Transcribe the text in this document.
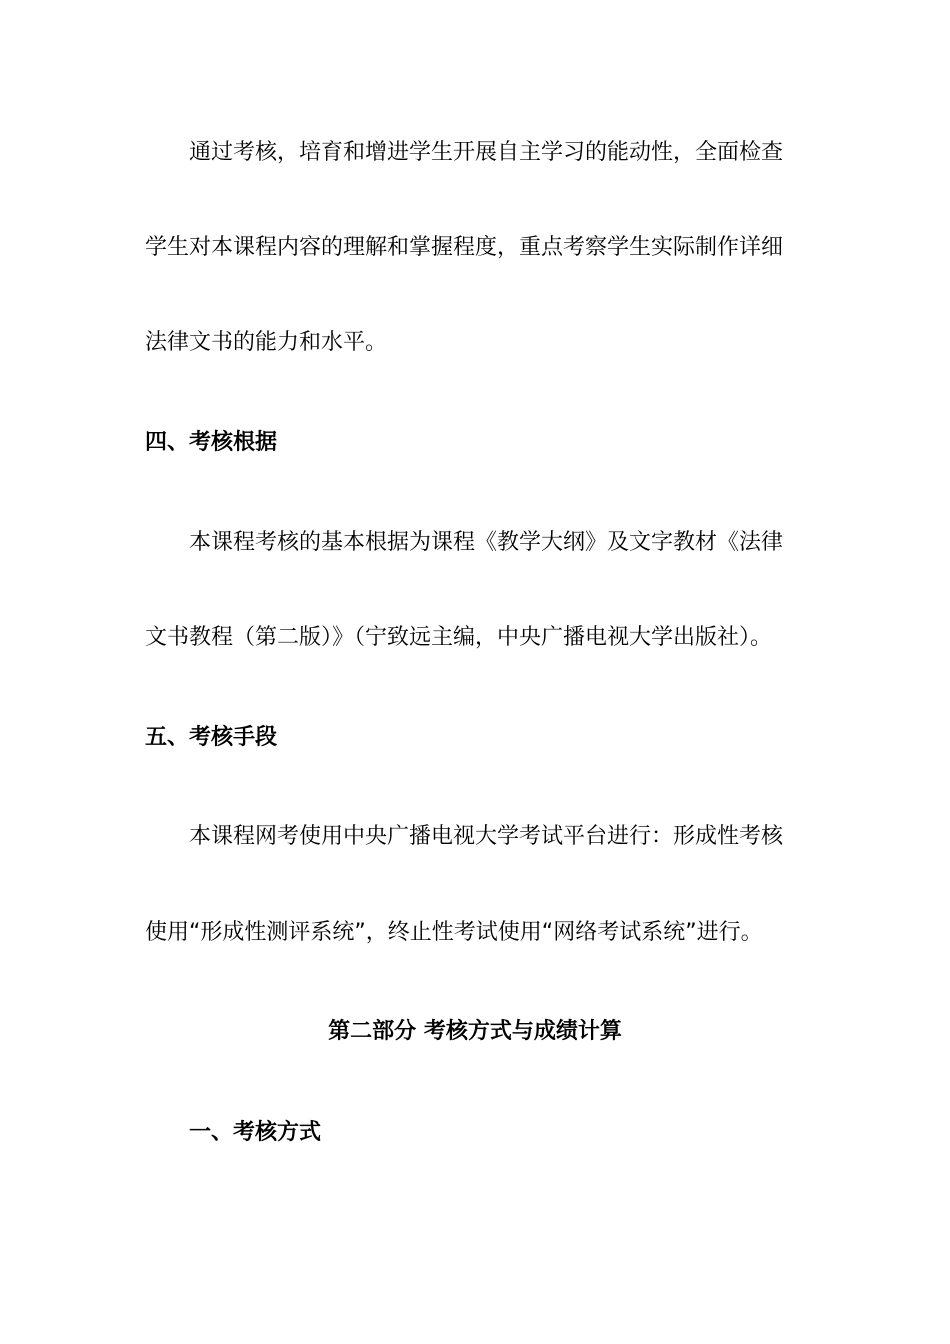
通过考核，培育和增进学生开展自主学习的能动性，全面检查
学生对本课程内容的理解和掌握程度，重点考察学生实际制作详细
法律文书的能力和水平。
四、考核根据
本课程考核的基本根据为课程《教学大纲》及文字教材《法律
文书教程（第二版）》（宁致远主编，中央广播电视大学出版社）。
五、考核手段
本课程网考使用中央广播电视大学考试平台进行：形成性考核
使用“形成性测评系统”，终止性考试使用“网络考试系统”进行。
第二部分 考核方式与成绩计算
一、考核方式
